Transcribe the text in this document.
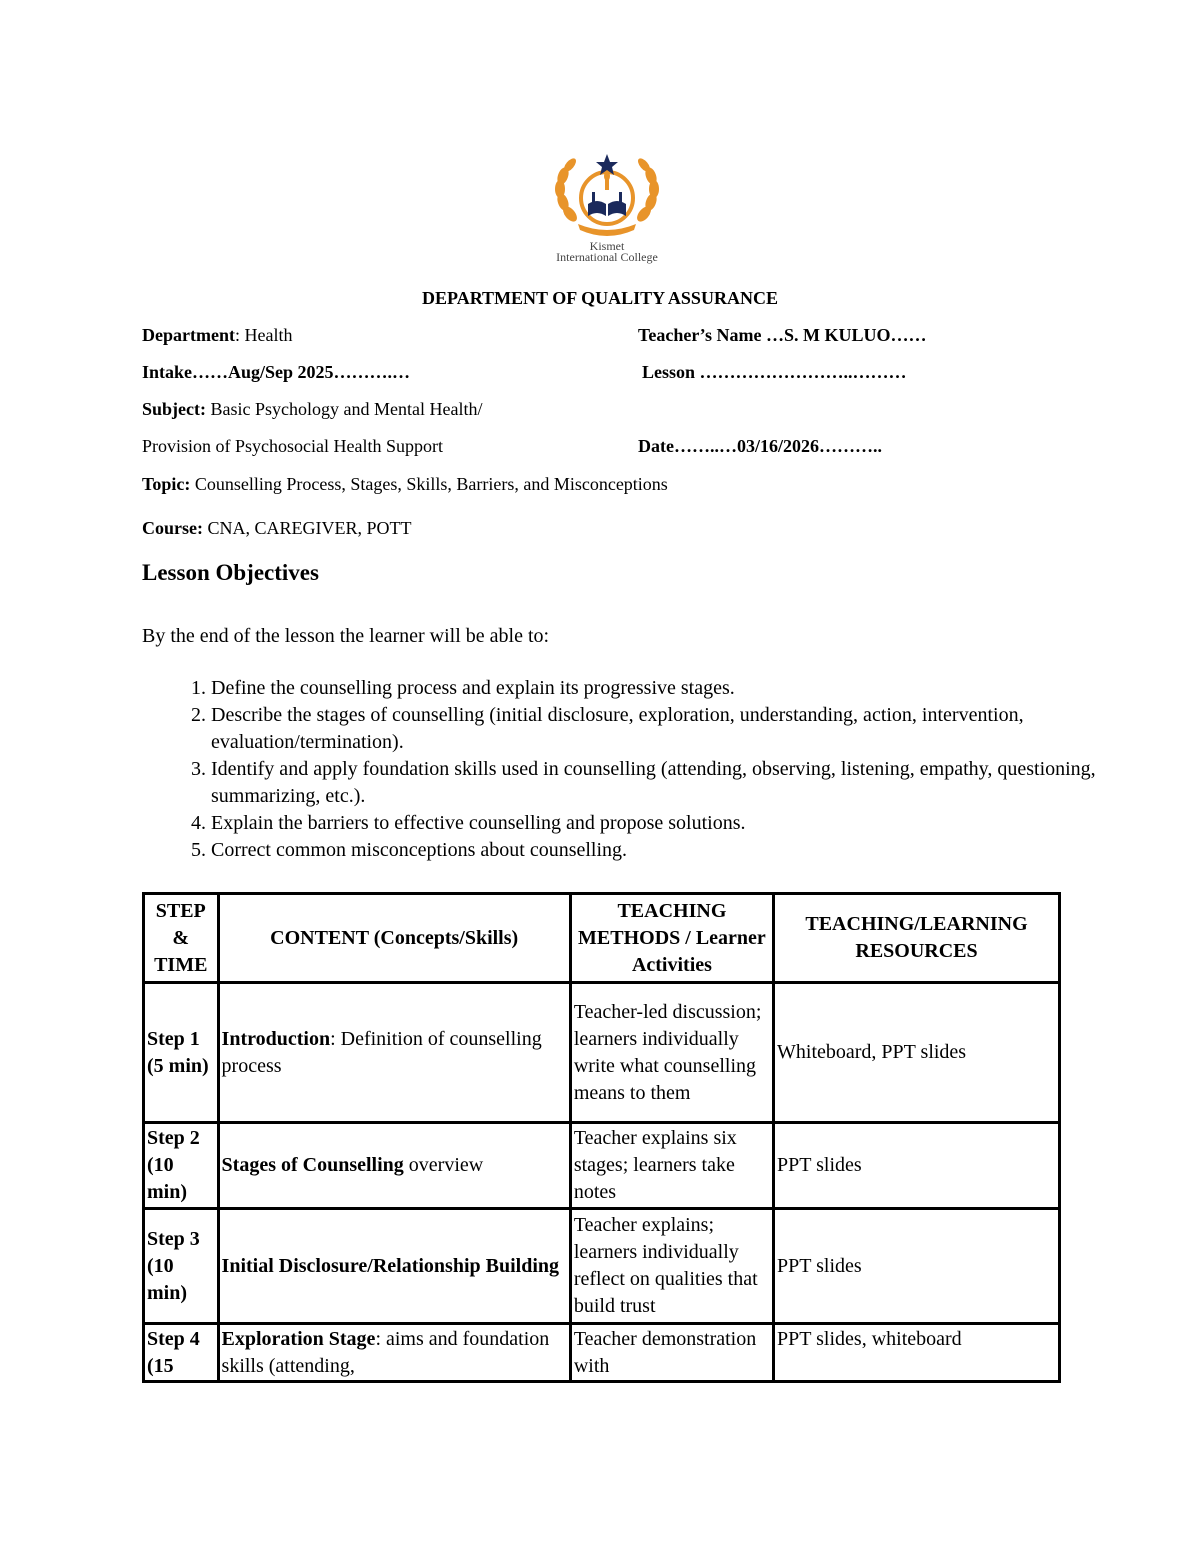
Kismet
International College
DEPARTMENT OF QUALITY ASSURANCE
Department: Health	Teacher’s Name …S. M KULUO……
Intake……Aug/Sep 2025……….…	Lesson ……………………..………
Subject: Basic Psychology and Mental Health/
Provision of Psychosocial Health Support	Date……..…03/16/2026………..
Topic: Counselling Process, Stages, Skills, Barriers, and Misconceptions
Course: CNA, CAREGIVER, POTT
Lesson Objectives
By the end of the lesson the learner will be able to:
1. Define the counselling process and explain its progressive stages.
2. Describe the stages of counselling (initial disclosure, exploration, understanding, action, intervention, evaluation/termination).
3. Identify and apply foundation skills used in counselling (attending, observing, listening, empathy, questioning, summarizing, etc.).
4. Explain the barriers to effective counselling and propose solutions.
5. Correct common misconceptions about counselling.
STEP & TIME	CONTENT (Concepts/Skills)	TEACHING METHODS / Learner Activities	TEACHING/LEARNING RESOURCES
Step 1 (5 min)	Introduction: Definition of counselling process	Teacher-led discussion; learners individually write what counselling means to them	Whiteboard, PPT slides
Step 2 (10 min)	Stages of Counselling overview	Teacher explains six stages; learners take notes	PPT slides
Step 3 (10 min)	Initial Disclosure/Relationship Building	Teacher explains; learners individually reflect on qualities that build trust	PPT slides

Step 4 (15	Exploration Stage: aims and foundation skills (attending,	Teacher demonstration with	PPT slides, whiteboard
